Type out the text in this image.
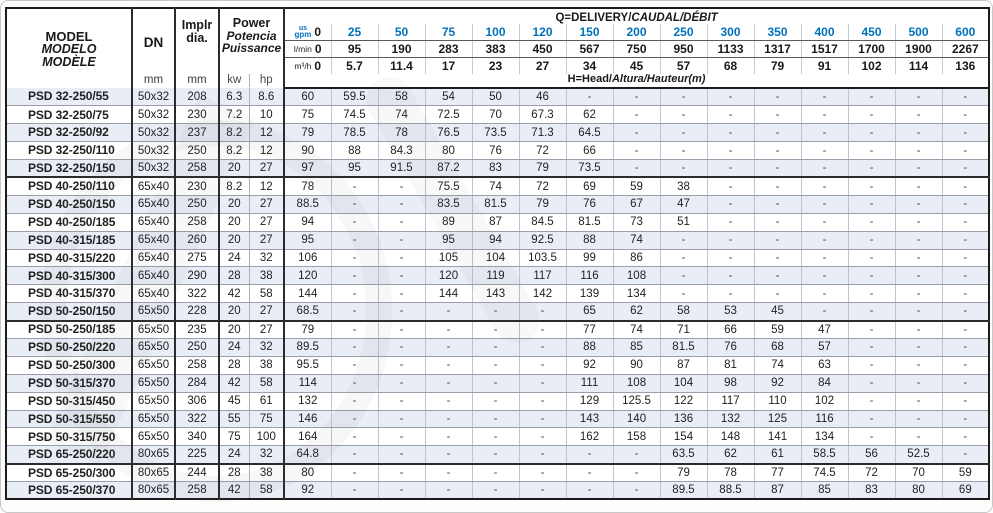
MODEL
MODELO
MODÈLE

DN
mm

Implr dia.
mm

Power
Potencia
Puissance
kw	hp
	Q=DELIVERY/CAUDAL/DÉBIT

					us
gpm 0	25	50	75	100	120	150	200	250	300	350	400	450	500	600

					l/min 0	95	190	283	383	450	567	750	950	1133	1317	1517	1700	1900	2267

					m³/h 0	5.7	11.4	17	23	27	34	45	57	68	79	91	102	114	136
					H=Head/Altura/Hauteur(m)														
PSD 32-250/55	50x32	208	6.3	8.6	60	59.5	58	54	50	46	-	-	-	-	-	-	-	-	-
PSD 32-250/75	50x32	230	7.2	10	75	74.5	74	72.5	70	67.3	62	-	-	-	-	-	-	-	-
PSD 32-250/92	50x32	237	8.2	12	79	78.5	78	76.5	73.5	71.3	64.5	-	-	-	-	-	-	-	-
PSD 32-250/110	50x32	250	8.2	12	90	88	84.3	80	76	72	66	-	-	-	-	-	-	-	-
PSD 32-250/150	50x32	258	20	27	97	95	91.5	87.2	83	79	73.5	-	-	-	-	-	-	-	-
PSD 40-250/110	65x40	230	8.2	12	78	-	-	75.5	74	72	69	59	38	-	-	-	-	-	-
PSD 40-250/150	65x40	250	20	27	88.5	-	-	83.5	81.5	79	76	67	47	-	-	-	-	-	-
PSD 40-250/185	65x40	258	20	27	94	-	-	89	87	84.5	81.5	73	51	-	-	-	-	-	-
PSD 40-315/185	65x40	260	20	27	95	-	-	95	94	92.5	88	74	-	-	-	-	-	-	-
PSD 40-315/220	65x40	275	24	32	106	-	-	105	104	103.5	99	86	-	-	-	-	-	-	-
PSD 40-315/300	65x40	290	28	38	120	-	-	120	119	117	116	108	-	-	-	-	-	-	-
PSD 40-315/370	65x40	322	42	58	144	-	-	144	143	142	139	134	-	-	-	-	-	-	-
PSD 50-250/150	65x50	228	20	27	68.5	-	-	-	-	-	65	62	58	53	45	-	-	-	-
PSD 50-250/185	65x50	235	20	27	79	-	-	-	-	-	77	74	71	66	59	47	-	-	-
PSD 50-250/220	65x50	250	24	32	89.5	-	-	-	-	-	88	85	81.5	76	68	57	-	-	-
PSD 50-250/300	65x50	258	28	38	95.5	-	-	-	-	-	92	90	87	81	74	63	-	-	-
PSD 50-315/370	65x50	284	42	58	114	-	-	-	-	-	111	108	104	98	92	84	-	-	-
PSD 50-315/450	65x50	306	45	61	132	-	-	-	-	-	129	125.5	122	117	110	102	-	-	-
PSD 50-315/550	65x50	322	55	75	146	-	-	-	-	-	143	140	136	132	125	116	-	-	-
PSD 50-315/750	65x50	340	75	100	164	-	-	-	-	-	162	158	154	148	141	134	-	-	-
PSD 65-250/220	80x65	225	24	32	64.8	-	-	-	-	-	-	-	63.5	62	61	58.5	56	52.5	-
PSD 65-250/300	80x65	244	28	38	80	-	-	-	-	-	-	-	79	78	77	74.5	72	70	59
PSD 65-250/370	80x65	258	42	58	92	-	-	-	-	-	-	-	89.5	88.5	87	85	83	80	69
